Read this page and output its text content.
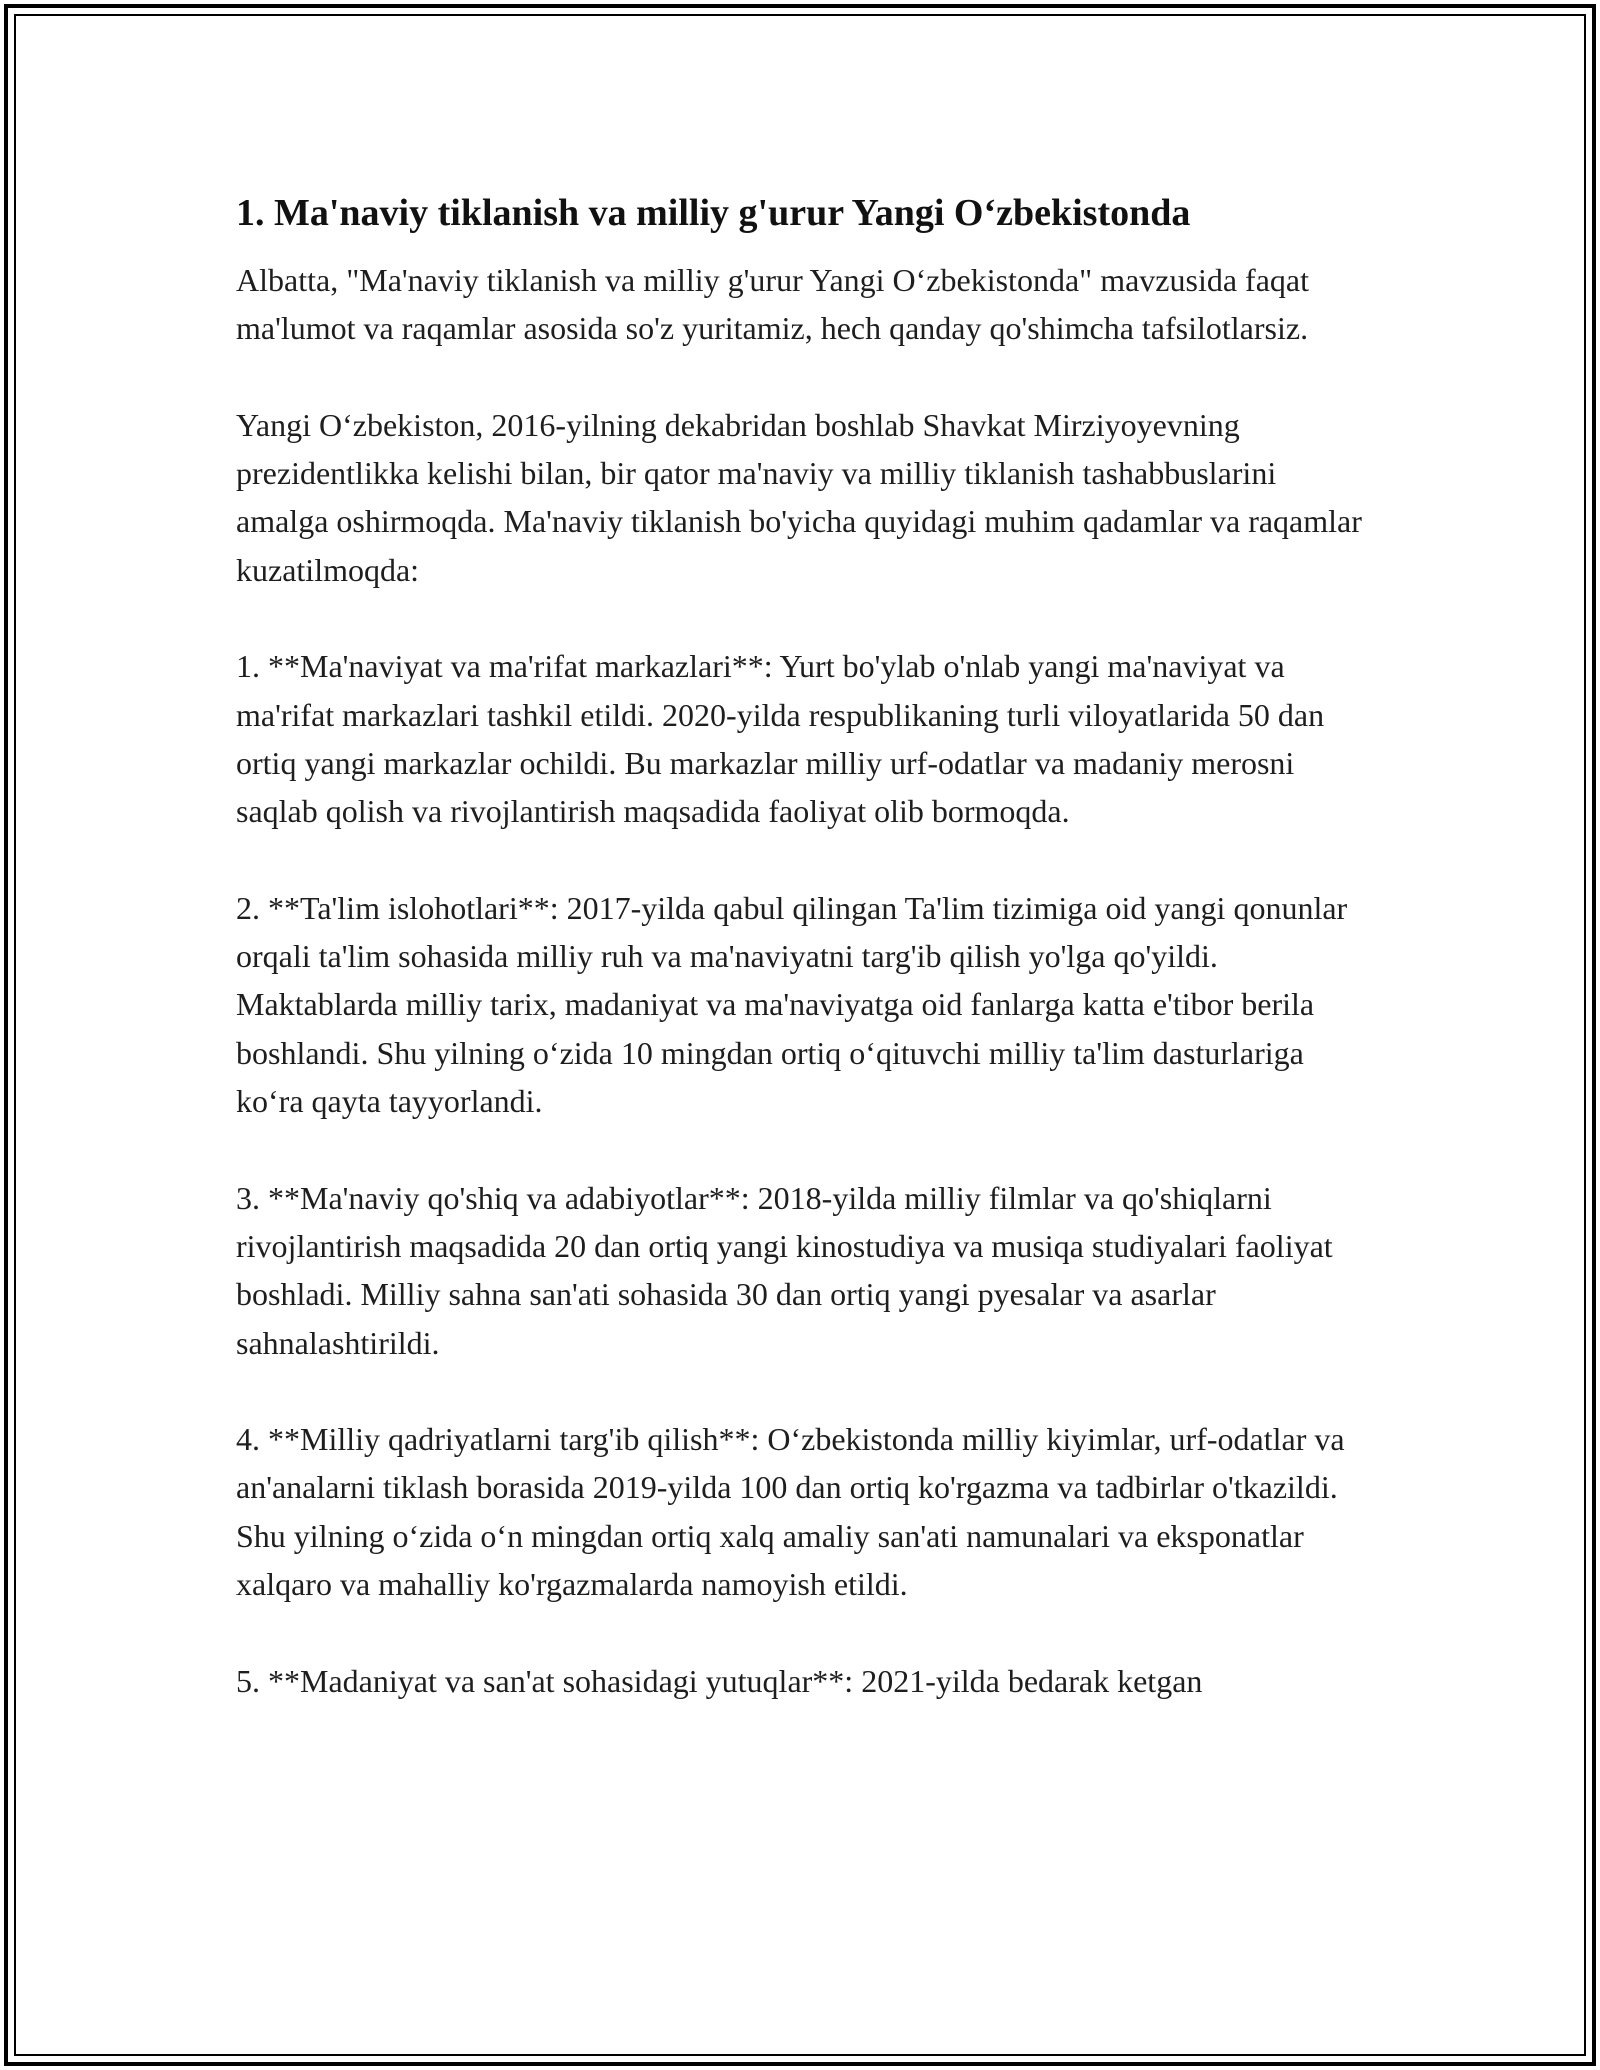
1. Ma'naviy tiklanish va milliy g'urur Yangi O‘zbekistonda

Albatta, "Ma'naviy tiklanish va milliy g'urur Yangi O‘zbekistonda" mavzusida faqat ma'lumot va raqamlar asosida so'z yuritamiz, hech qanday qo'shimcha tafsilotlarsiz.

Yangi O‘zbekiston, 2016-yilning dekabridan boshlab Shavkat Mirziyoyevning prezidentlikka kelishi bilan, bir qator ma'naviy va milliy tiklanish tashabbuslarini amalga oshirmoqda. Ma'naviy tiklanish bo'yicha quyidagi muhim qadamlar va raqamlar kuzatilmoqda:

1. **Ma'naviyat va ma'rifat markazlari**: Yurt bo'ylab o'nlab yangi ma'naviyat va ma'rifat markazlari tashkil etildi. 2020-yilda respublikaning turli viloyatlarida 50 dan ortiq yangi markazlar ochildi. Bu markazlar milliy urf-odatlar va madaniy merosni saqlab qolish va rivojlantirish maqsadida faoliyat olib bormoqda.

2. **Ta'lim islohotlari**: 2017-yilda qabul qilingan Ta'lim tizimiga oid yangi qonunlar orqali ta'lim sohasida milliy ruh va ma'naviyatni targ'ib qilish yo'lga qo'yildi. Maktablarda milliy tarix, madaniyat va ma'naviyatga oid fanlarga katta e'tibor berila boshlandi. Shu yilning o‘zida 10 mingdan ortiq o‘qituvchi milliy ta'lim dasturlariga ko‘ra qayta tayyorlandi.

3. **Ma'naviy qo'shiq va adabiyotlar**: 2018-yilda milliy filmlar va qo'shiqlarni rivojlantirish maqsadida 20 dan ortiq yangi kinostudiya va musiqa studiyalari faoliyat boshladi. Milliy sahna san'ati sohasida 30 dan ortiq yangi pyesalar va asarlar sahnalashtirildi.

4. **Milliy qadriyatlarni targ'ib qilish**: O‘zbekistonda milliy kiyimlar, urf-odatlar va an'analarni tiklash borasida 2019-yilda 100 dan ortiq ko'rgazma va tadbirlar o'tkazildi. Shu yilning o‘zida o‘n mingdan ortiq xalq amaliy san'ati namunalari va eksponatlar xalqaro va mahalliy ko'rgazmalarda namoyish etildi.

5. **Madaniyat va san'at sohasidagi yutuqlar**: 2021-yilda bedarak ketgan
